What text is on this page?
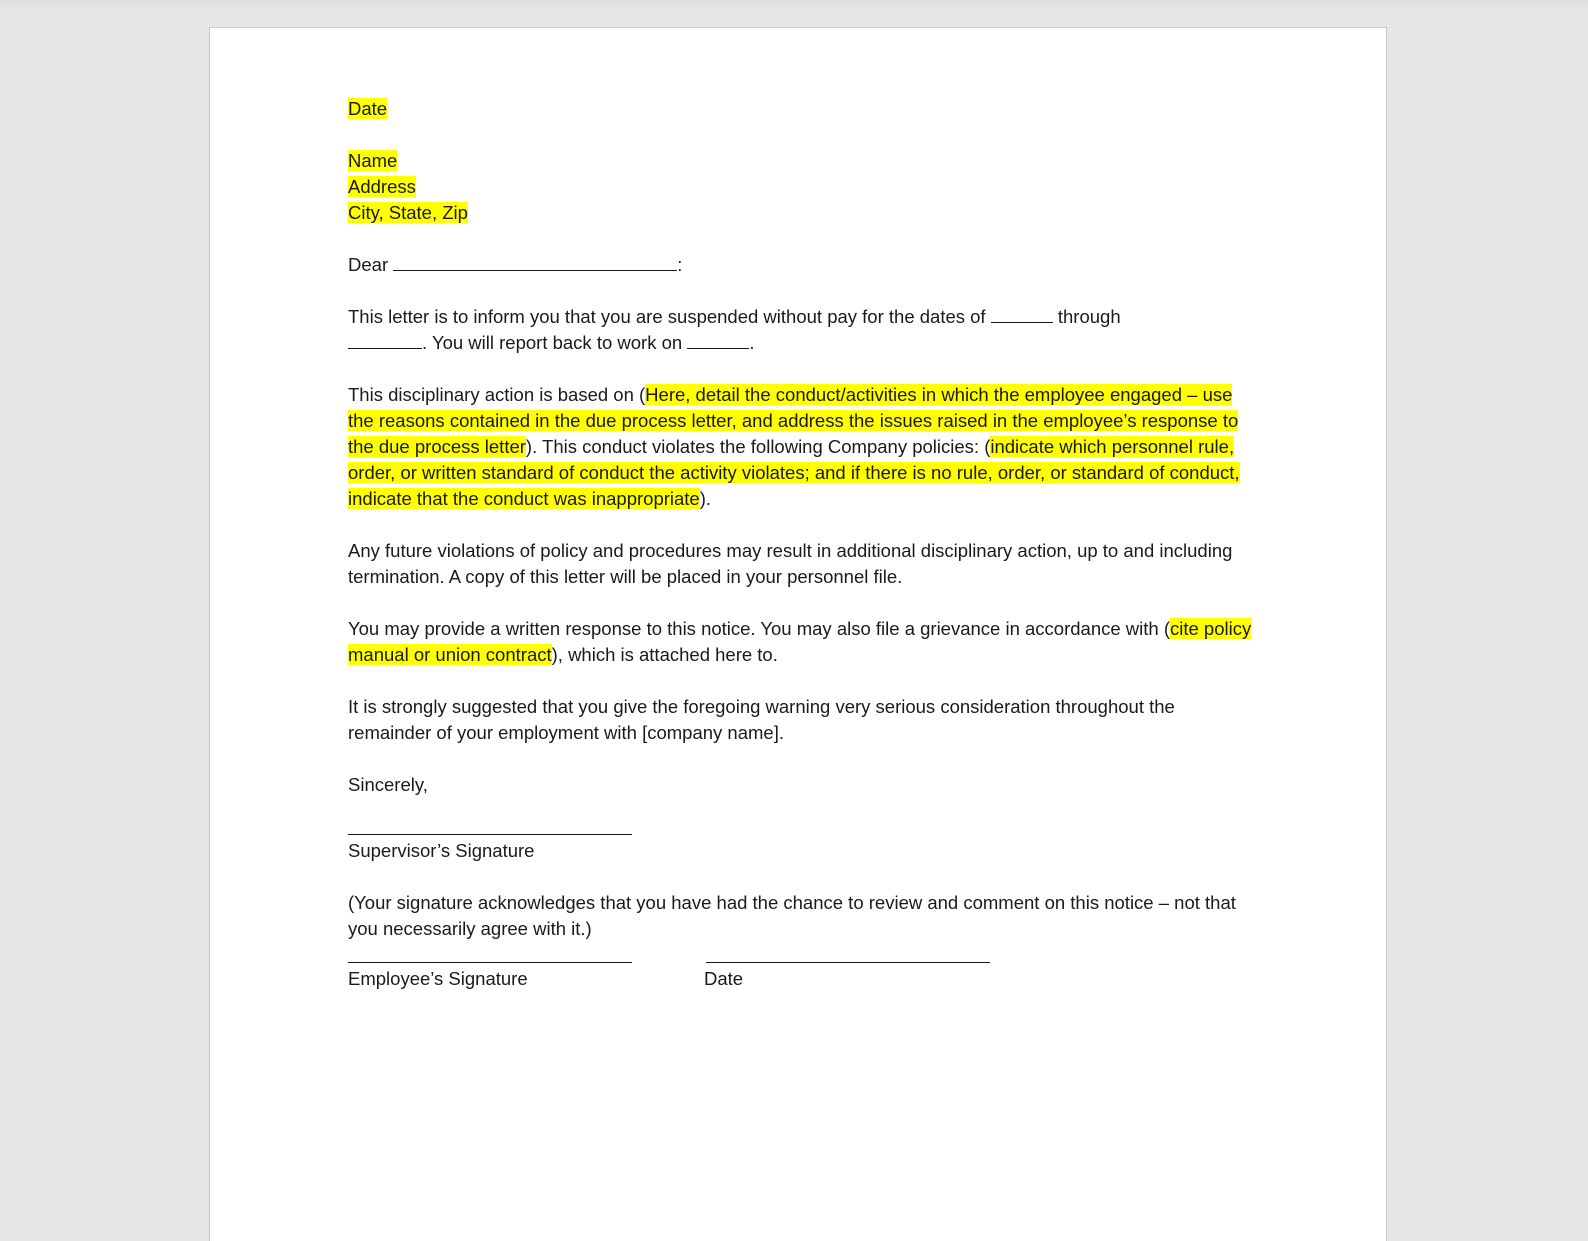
Date

Name
Address
City, State, Zip

Dear	:

This letter is to inform you that you are suspended without pay for the dates of	through
. You will report back to work on	.

This disciplinary action is based on (Here, detail the conduct/activities in which the employee engaged – use the reasons contained in the due process letter, and address the issues raised in the employee’s response to the due process letter). This conduct violates the following Company policies: (indicate which personnel rule, order, or written standard of conduct the activity violates; and if there is no rule, order, or standard of conduct, indicate that the conduct was inappropriate).

Any future violations of policy and procedures may result in additional disciplinary action, up to and including termination. A copy of this letter will be placed in your personnel file.

You may provide a written response to this notice. You may also file a grievance in accordance with (cite policy manual or union contract), which is attached here to.

It is strongly suggested that you give the foregoing warning very serious consideration throughout the remainder of your employment with [company name].

Sincerely,

Supervisor’s Signature

(Your signature acknowledges that you have had the chance to review and comment on this notice – not that you necessarily agree with it.)

Employee’s Signature	Date
